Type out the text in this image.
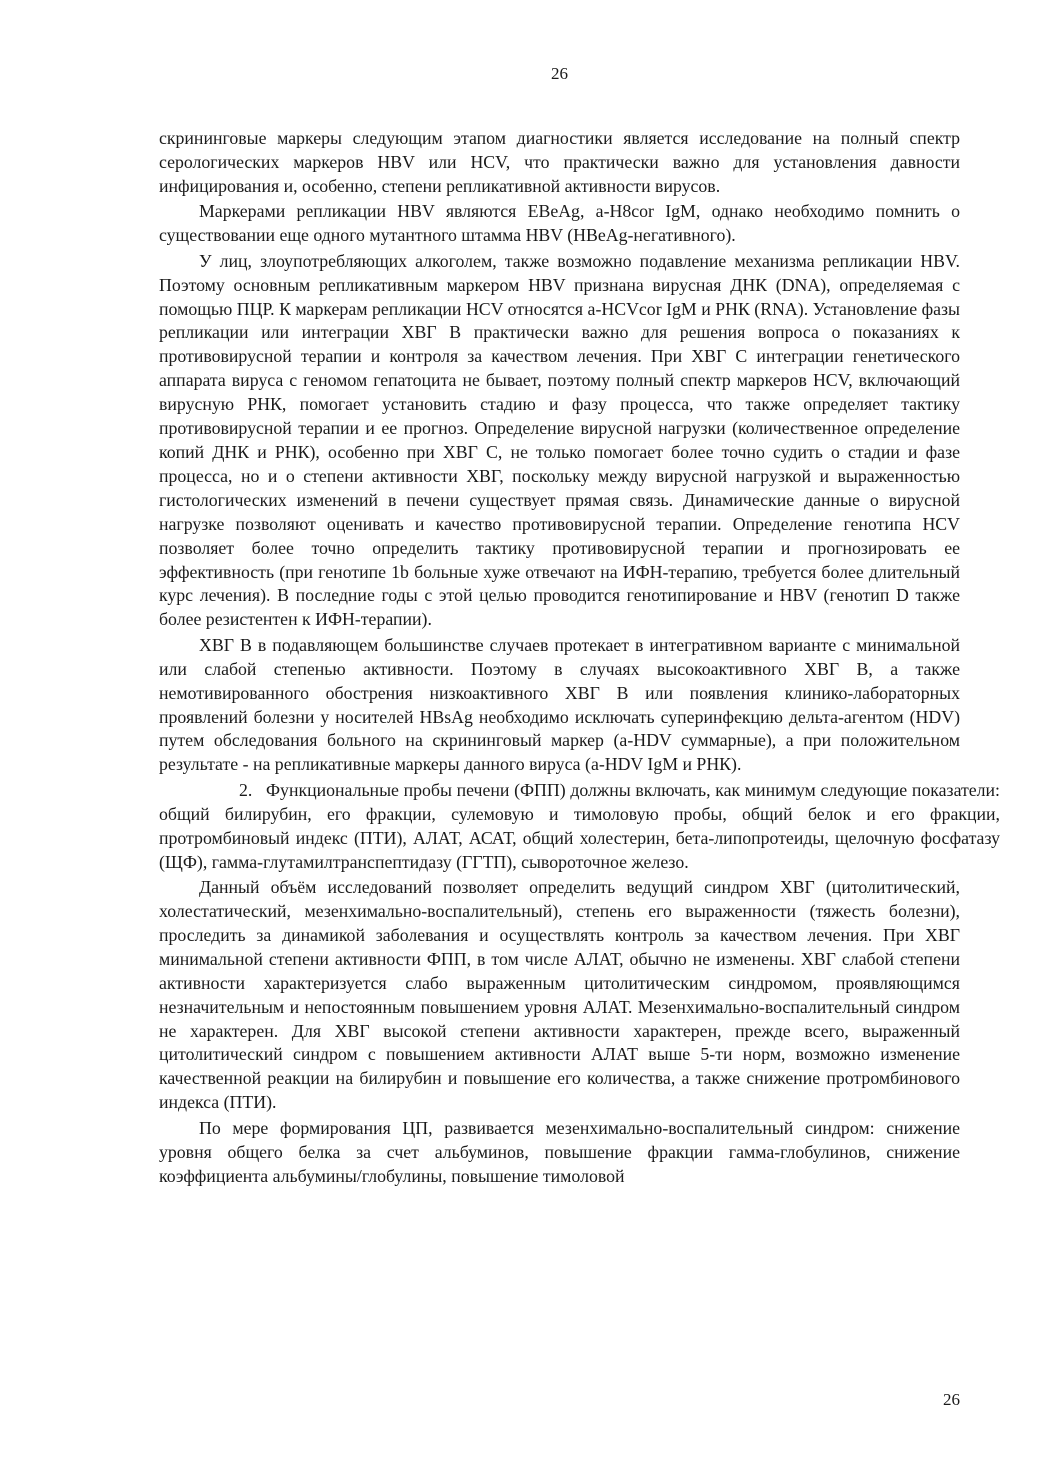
26

скрининговые маркеры следующим этапом диагностики является исследование на полный спектр серологических маркеров HBV или HCV, что практически важно для установления давности инфицирования и, особенно, степени репликативной активности вирусов.

Маркерами репликации HBV являются EBeAg, a-H8cor IgM, однако необходимо помнить о существовании еще одного мутантного штамма HBV (HBeAg-негативного).

У лиц, злоупотребляющих алкоголем, также возможно подавление механизма репликации HBV. Поэтому основным репликативным маркером HBV признана вирусная ДНК (DNA), определяемая с помощью ПЦР. К маркерам репликации HCV относятся a-HCVcor IgM и РНК (RNA). Установление фазы репликации или интеграции ХВГ В практически важно для решения вопроса о показаниях к противовирусной терапии и контроля за качеством лечения. При ХВГ С интеграции генетического аппарата вируса с геномом гепатоцита не бывает, поэтому полный спектр маркеров HCV, включающий вирусную РНК, помогает установить стадию и фазу процесса, что также определяет тактику противовирусной терапии и ее прогноз. Определение вирусной нагрузки (количественное определение копий ДНК и РНК), особенно при ХВГ С, не только помогает более точно судить о стадии и фазе процесса, но и о степени активности ХВГ, поскольку между вирусной нагрузкой и выраженностью гистологических изменений в печени существует прямая связь. Динамические данные о вирусной нагрузке позволяют оценивать и качество противовирусной терапии. Определение генотипа HCV позволяет более точно определить тактику противовирусной терапии и прогнозировать ее эффективность (при генотипе 1b больные хуже отвечают на ИФН-терапию, требуется более длительный курс лечения). В последние годы с этой целью проводится генотипирование и HBV (генотип D также более резистентен к ИФН-терапии).

ХВГ В в подавляющем большинстве случаев протекает в интегративном варианте с минимальной или слабой степенью активности. Поэтому в случаях высокоактивного ХВГ В, а также немотивированного обострения низкоактивного ХВГ В или появления клинико-лабораторных проявлений болезни у носителей HBsAg необходимо исключать суперинфекцию дельта-агентом (HDV) путем обследования больного на скрининговый маркер (a-HDV суммарные), а при положительном результате - на репликативные маркеры данного вируса (a-HDV IgM и РНК).

2. Функциональные пробы печени (ФПП) должны включать, как минимум следующие показатели: общий билирубин, его фракции, сулемовую и тимоловую пробы, общий белок и его фракции, протромбиновый индекс (ПТИ), АЛАТ, АСАТ, общий холестерин, бета-липопротеиды, щелочную фосфатазу (ЩФ), гамма-глутамилтранспептидазу (ГГТП), сывороточное железо.

Данный объём исследований позволяет определить ведущий синдром ХВГ (цитолитический, холестатический, мезенхимально-воспалительный), степень его выраженности (тяжесть болезни), проследить за динамикой заболевания и осуществлять контроль за качеством лечения. При ХВГ минимальной степени активности ФПП, в том числе АЛАТ, обычно не изменены. ХВГ слабой степени активности характеризуется слабо выраженным цитолитическим синдромом, проявляющимся незначительным и непостоянным повышением уровня АЛАТ. Мезенхимально-воспалительный синдром не характерен. Для ХВГ высокой степени активности характерен, прежде всего, выраженный цитолитический синдром с повышением активности АЛАТ выше 5-ти норм, возможно изменение качественной реакции на билирубин и повышение его количества, а также снижение протромбинового индекса (ПТИ).

По мере формирования ЦП, развивается мезенхимально-воспалительный синдром: снижение уровня общего белка за счет альбуминов, повышение фракции гамма-глобулинов, снижение коэффициента альбумины/глобулины, повышение тимоловой

26
